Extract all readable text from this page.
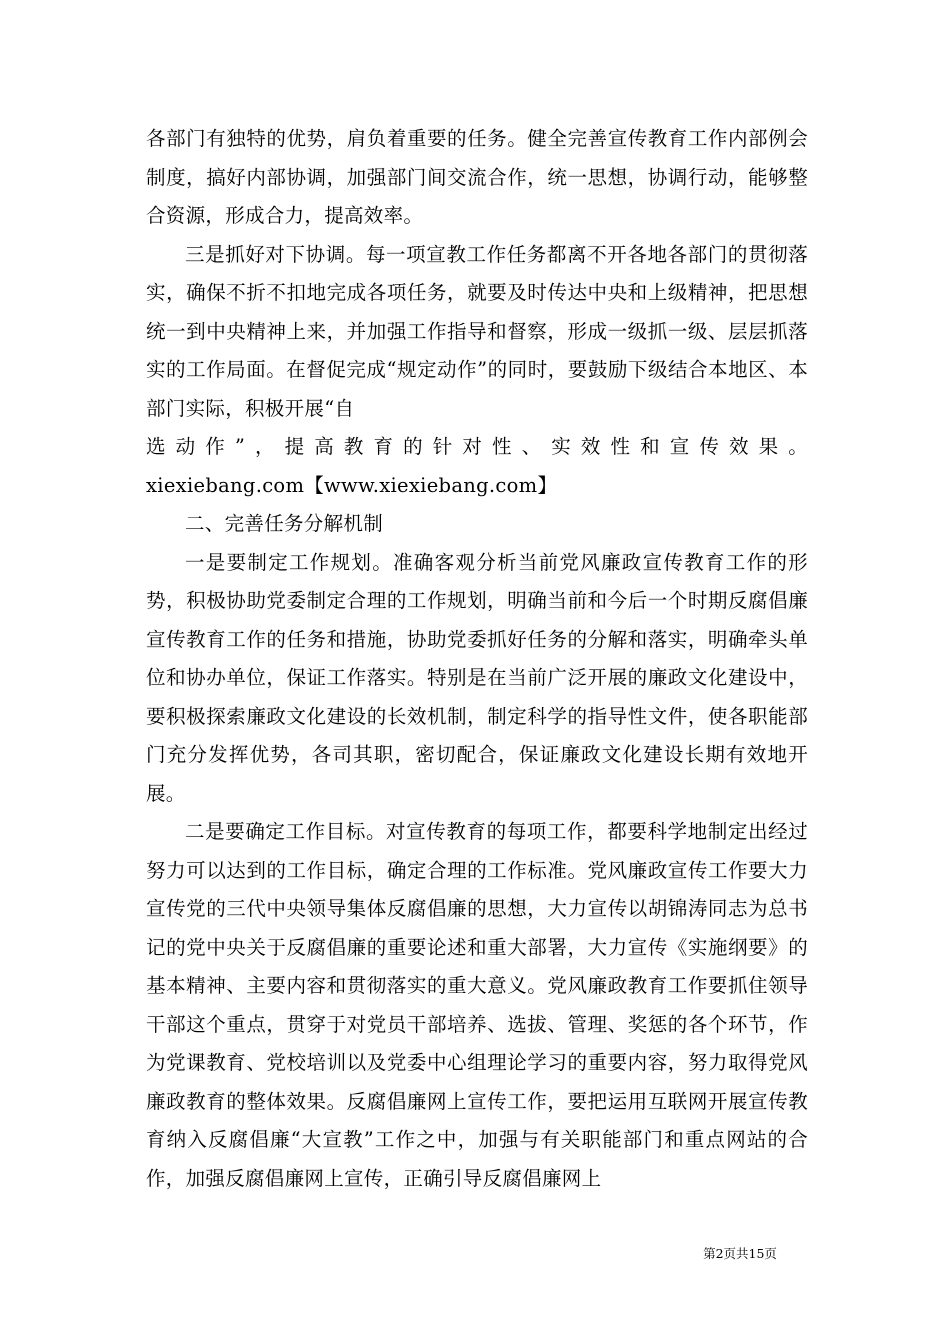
各部门有独特的优势，肩负着重要的任务。健全完善宣传教育工作内部例会制度，搞好内部协调，加强部门间交流合作，统一思想，协调行动，能够整合资源，形成合力，提高效率。

三是抓好对下协调。每一项宣教工作任务都离不开各地各部门的贯彻落实，确保不折不扣地完成各项任务，就要及时传达中央和上级精神，把思想统一到中央精神上来，并加强工作指导和督察，形成一级抓一级、层层抓落实的工作局面。在督促完成“规定动作”的同时，要鼓励下级结合本地区、本部门实际，积极开展“自

选动作”，提高教育的针对性、实效性和宣传效果。

xiexiebang.com【www.xiexiebang.com】

二、完善任务分解机制

一是要制定工作规划。准确客观分析当前党风廉政宣传教育工作的形势，积极协助党委制定合理的工作规划，明确当前和今后一个时期反腐倡廉宣传教育工作的任务和措施，协助党委抓好任务的分解和落实，明确牵头单位和协办单位，保证工作落实。特别是在当前广泛开展的廉政文化建设中，要积极探索廉政文化建设的长效机制，制定科学的指导性文件，使各职能部门充分发挥优势，各司其职，密切配合，保证廉政文化建设长期有效地开展。

二是要确定工作目标。对宣传教育的每项工作，都要科学地制定出经过努力可以达到的工作目标，确定合理的工作标准。党风廉政宣传工作要大力宣传党的三代中央领导集体反腐倡廉的思想，大力宣传以胡锦涛同志为总书记的党中央关于反腐倡廉的重要论述和重大部署，大力宣传《实施纲要》的基本精神、主要内容和贯彻落实的重大意义。党风廉政教育工作要抓住领导干部这个重点，贯穿于对党员干部培养、选拔、管理、奖惩的各个环节，作为党课教育、党校培训以及党委中心组理论学习的重要内容，努力取得党风廉政教育的整体效果。反腐倡廉网上宣传工作，要把运用互联网开展宣传教育纳入反腐倡廉“大宣教”工作之中，加强与有关职能部门和重点网站的合作，加强反腐倡廉网上宣传，正确引导反腐倡廉网上

第2页共15页
